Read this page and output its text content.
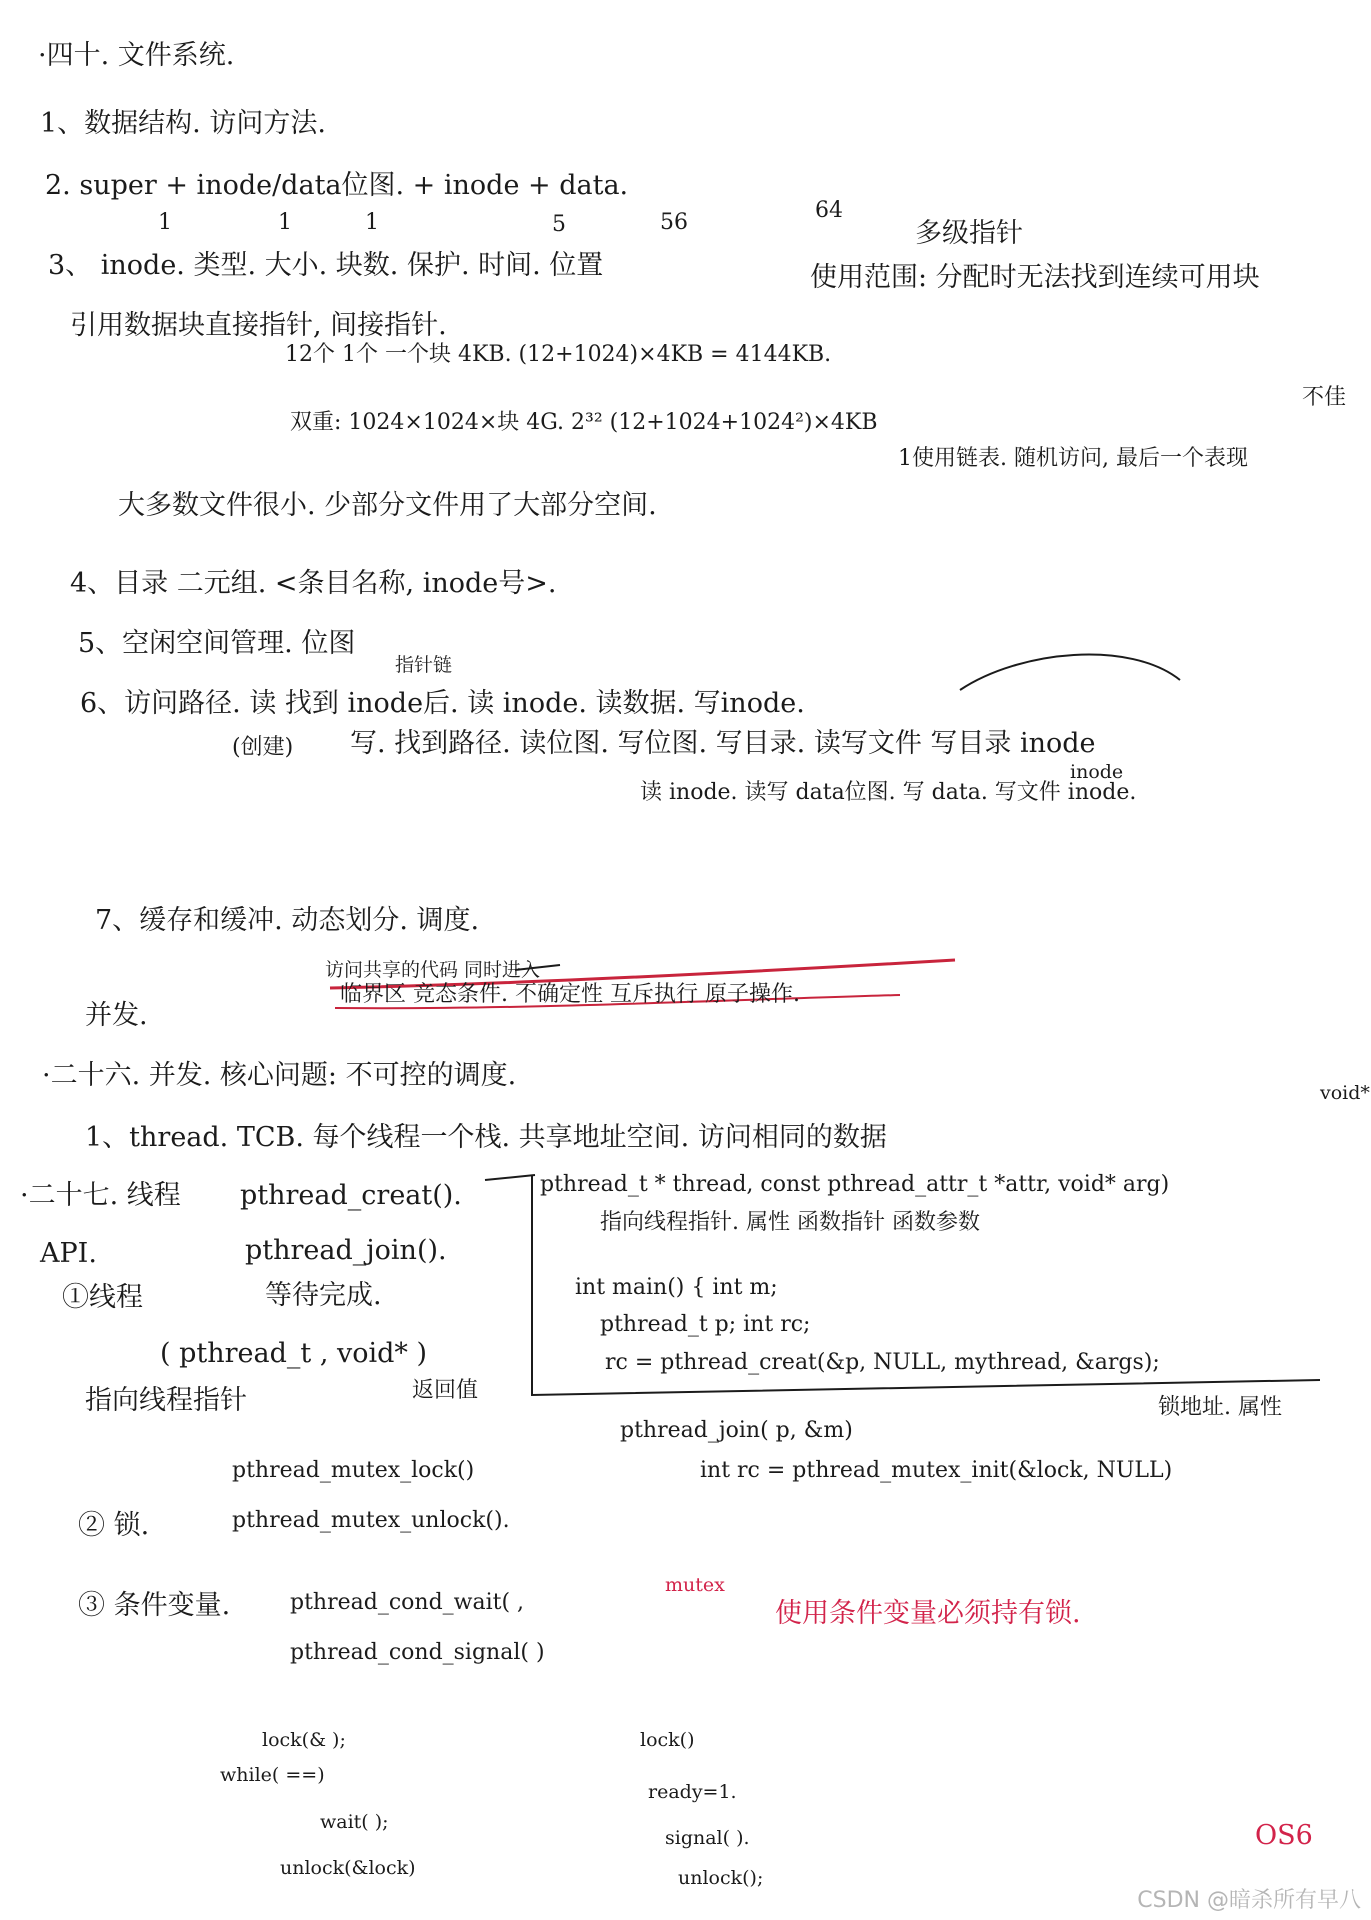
·四十. 文件系统.
1、数据结构. 访问方法.
2. super + inode/data位图. + inode + data.
1	1	1	5	56	64
多级指针
使用范围: 分配时无法找到连续可用块
3、 inode. 类型. 大小. 块数. 保护. 时间. 位置
引用数据块直接指针, 间接指针.
12个 1个 一个块 4KB. (12+1024)×4KB = 4144KB.
双重: 1024×1024×块 4G. 2³² (12+1024+1024²)×4KB
不佳
1使用链表. 随机访问, 最后一个表现
大多数文件很小. 少部分文件用了大部分空间.
4、目录 二元组. <条目名称, inode号>.
5、空闲空间管理. 位图
指针链
6、访问路径. 读 找到 inode后. 读 inode. 读数据. 写inode.
(创建) 写. 找到路径. 读位图. 写位图. 写目录. 读写文件 写目录 inode
inode
读 inode. 读写 data位图. 写 data. 写文件 inode.
7、缓存和缓冲. 动态划分. 调度.
访问共享的代码 同时进入
并发.
临界区 竞态条件. 不确定性 互斥执行 原子操作.
·二十六. 并发. 核心问题: 不可控的调度.
1、thread. TCB. 每个线程一个栈. 共享地址空间. 访问相同的数据
void*
·二十七. 线程 pthread_creat().	pthread_t * thread, const pthread_attr_t *attr, void* arg)
指向线程指针. 属性 函数指针 函数参数
API.	pthread_join().
①线程	等待完成.	int main() { int m;
pthread_t p; int rc;
rc = pthread_creat(&p, NULL, mythread, &args);
( pthread_t , void* )
指向线程指针	返回值
pthread_join( p, &m)
锁地址. 属性
int rc = pthread_mutex_init(&lock, NULL)
pthread_mutex_lock()
② 锁.	pthread_mutex_unlock().
③ 条件变量.	pthread_cond_wait( ,
mutex
pthread_cond_signal( )
使用条件变量必须持有锁.
lock(& );
while( ==)
wait( );
unlock(&lock)
lock()
ready=1.
signal( ).
unlock();
OS6
CSDN @暗杀所有早八
